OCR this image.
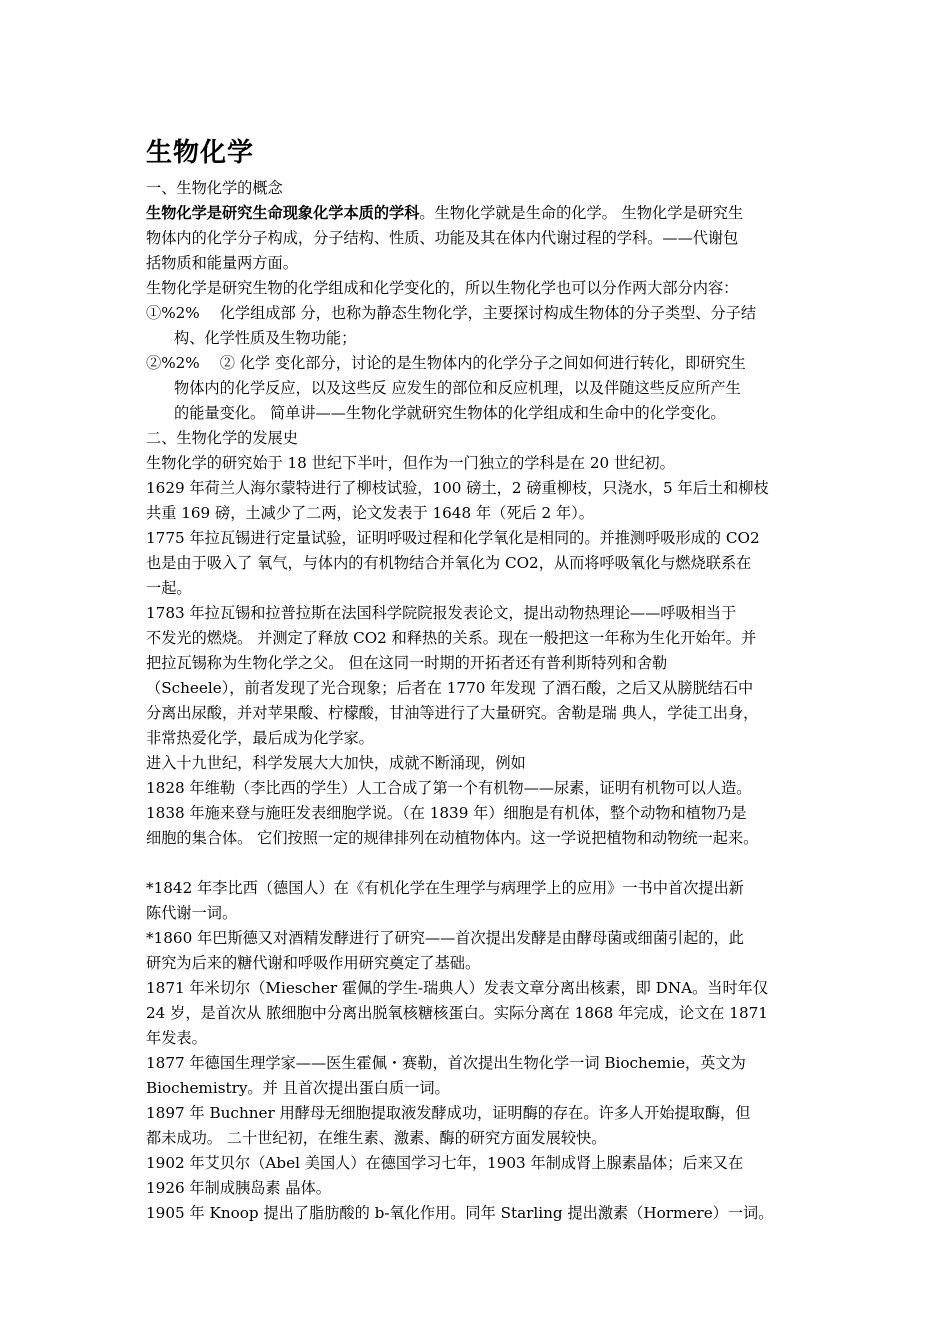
生物化学
一、生物化学的概念
生物化学是研究生命现象化学本质的学科。生物化学就是生命的化学。 生物化学是研究生
物体内的化学分子构成，分子结构、性质、功能及其在体内代谢过程的学科。——代谢包
括物质和能量两方面。
生物化学是研究生物的化学组成和化学变化的，所以生物化学也可以分作两大部分内容：
①%2%　 化学组成部 分，也称为静态生物化学，主要探讨构成生物体的分子类型、分子结
构、化学性质及生物功能；
②%2%　 ② 化学 变化部分，讨论的是生物体内的化学分子之间如何进行转化，即研究生
物体内的化学反应，以及这些反 应发生的部位和反应机理，以及伴随这些反应所产生
的能量变化。 简单讲——生物化学就研究生物体的化学组成和生命中的化学变化。
二、生物化学的发展史
生物化学的研究始于 18 世纪下半叶，但作为一门独立的学科是在 20 世纪初。
1629 年荷兰人海尔蒙特进行了柳枝试验，100 磅土，2 磅重柳枝，只浇水，5 年后土和柳枝
共重 169 磅，土减少了二两，论文发表于 1648 年（死后 2 年）。
1775 年拉瓦锡进行定量试验，证明呼吸过程和化学氧化是相同的。并推测呼吸形成的 CO2
也是由于吸入了 氧气，与体内的有机物结合并氧化为 CO2，从而将呼吸氧化与燃烧联系在
一起。
1783 年拉瓦锡和拉普拉斯在法国科学院院报发表论文，提出动物热理论——呼吸相当于
不发光的燃烧。 并测定了释放 CO2 和释热的关系。现在一般把这一年称为生化开始年。并
把拉瓦锡称为生物化学之父。 但在这同一时期的开拓者还有普利斯特列和舍勒
（Scheele），前者发现了光合现象；后者在 1770 年发现 了酒石酸，之后又从膀胱结石中
分离出尿酸，并对苹果酸、柠檬酸，甘油等进行了大量研究。舍勒是瑞 典人，学徒工出身，
非常热爱化学，最后成为化学家。
进入十九世纪，科学发展大大加快，成就不断涌现，例如
1828 年维勒（李比西的学生）人工合成了第一个有机物——尿素，证明有机物可以人造。
1838 年施来登与施旺发表细胞学说。（在 1839 年）细胞是有机体，整个动物和植物乃是
细胞的集合体。 它们按照一定的规律排列在动植物体内。这一学说把植物和动物统一起来。
*1842 年李比西（德国人）在《有机化学在生理学与病理学上的应用》一书中首次提出新
陈代谢一词。
*1860 年巴斯德又对酒精发酵进行了研究——首次提出发酵是由酵母菌或细菌引起的，此
研究为后来的糖代谢和呼吸作用研究奠定了基础。
1871 年米切尔（Miescher 霍佩的学生-瑞典人）发表文章分离出核素，即 DNA。当时年仅
24 岁，是首次从 脓细胞中分离出脱氧核糖核蛋白。实际分离在 1868 年完成，论文在 1871
年发表。
1877 年德国生理学家——医生霍佩・赛勒，首次提出生物化学一词 Biochemie，英文为
Biochemistry。并 且首次提出蛋白质一词。
1897 年 Buchner 用酵母无细胞提取液发酵成功，证明酶的存在。许多人开始提取酶，但
都未成功。 二十世纪初，在维生素、激素、酶的研究方面发展较快。
1902 年艾贝尔（Abel 美国人）在德国学习七年，1903 年制成肾上腺素晶体；后来又在
1926 年制成胰岛素 晶体。
1905 年 Knoop 提出了脂肪酸的 b-氧化作用。同年 Starling 提出激素（Hormere）一词。
